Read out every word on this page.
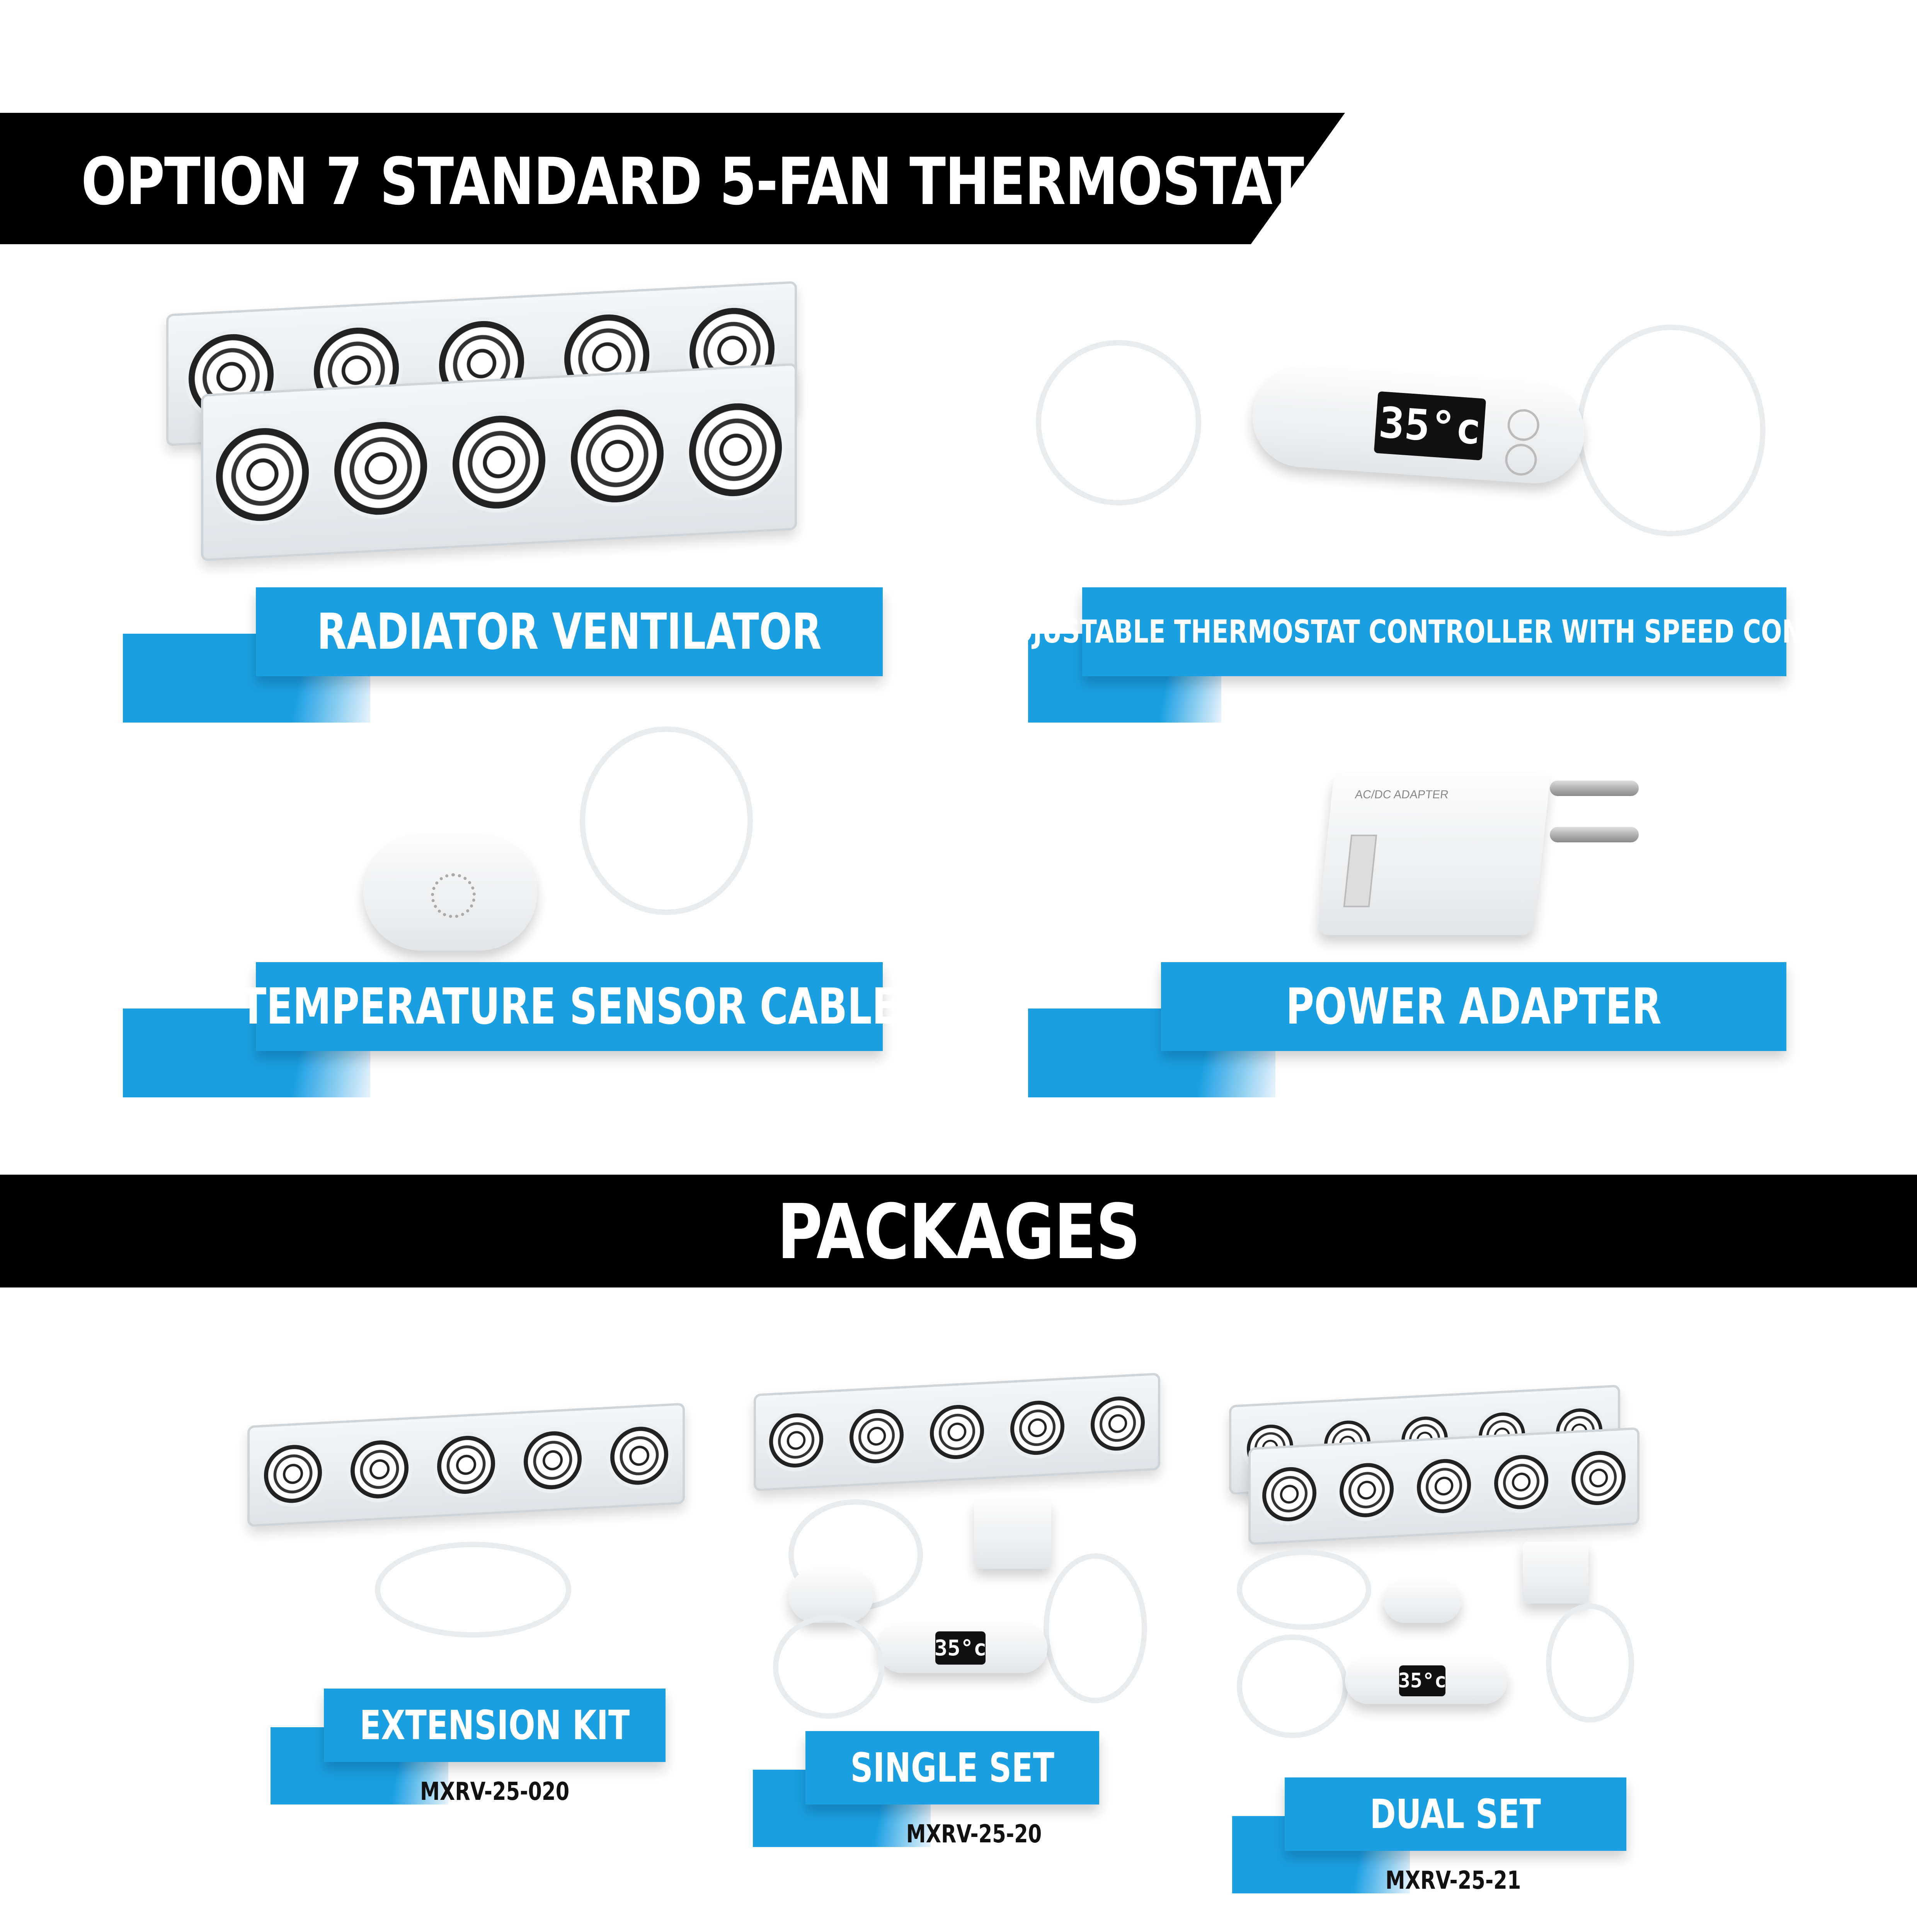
OPTION 7 STANDARD 5-FAN THERMOSTAT VENTILATOR
RADIATOR VENTILATOR
35°c
ADJUSTABLE THERMOSTAT CONTROLLER WITH SPEED CONTROL
TEMPERATURE SENSOR CABLE
AC/DC ADAPTER
POWER ADAPTER
PACKAGES
EXTENSION KIT
MXRV-25-020
35°c
SINGLE SET
MXRV-25-20
35°c
DUAL SET
MXRV-25-21
